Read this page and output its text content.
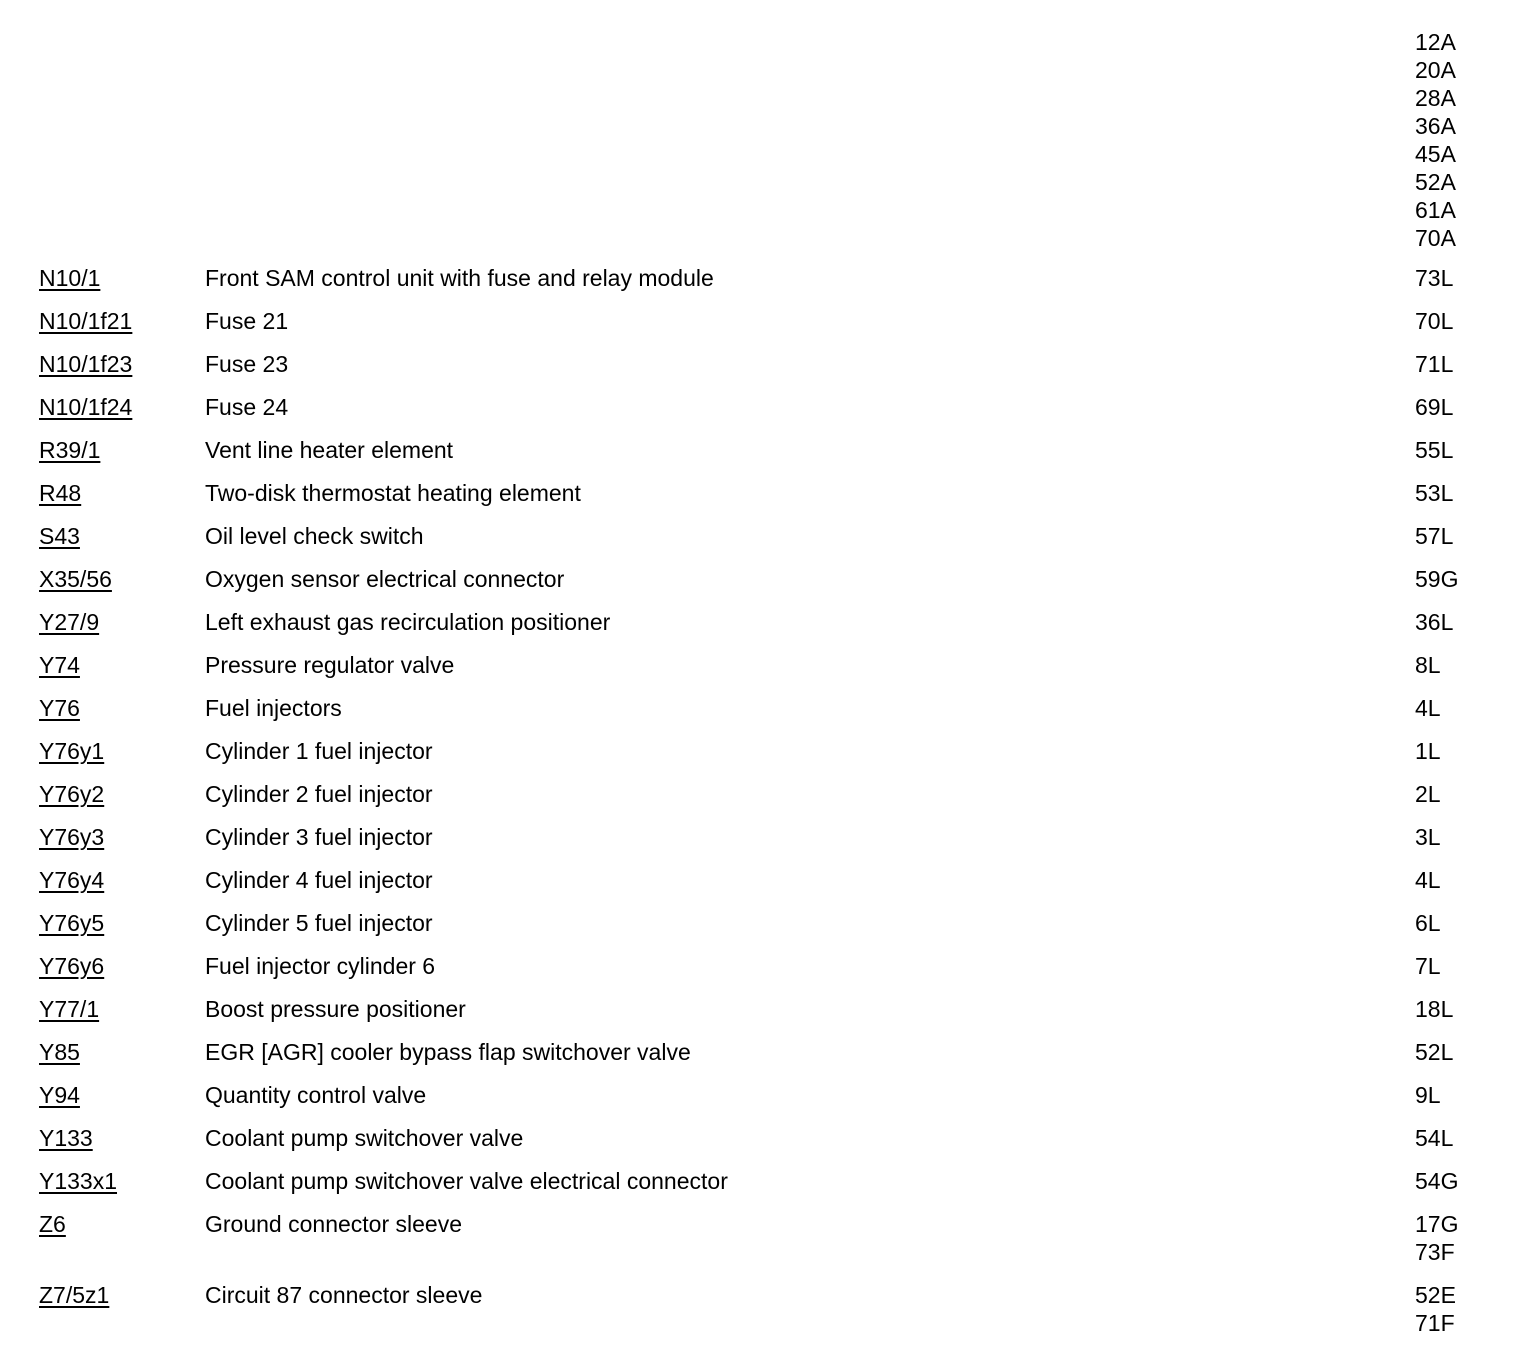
12A
20A
28A
36A
45A
52A
61A
70A
N10/1	Front SAM control unit with fuse and relay module	73L
N10/1f21	Fuse 21	70L
N10/1f23	Fuse 23	71L
N10/1f24	Fuse 24	69L
R39/1	Vent line heater element	55L
R48	Two-disk thermostat heating element	53L
S43	Oil level check switch	57L
X35/56	Oxygen sensor electrical connector	59G
Y27/9	Left exhaust gas recirculation positioner	36L
Y74	Pressure regulator valve	8L
Y76	Fuel injectors	4L
Y76y1	Cylinder 1 fuel injector	1L
Y76y2	Cylinder 2 fuel injector	2L
Y76y3	Cylinder 3 fuel injector	3L
Y76y4	Cylinder 4 fuel injector	4L
Y76y5	Cylinder 5 fuel injector	6L
Y76y6	Fuel injector cylinder 6	7L
Y77/1	Boost pressure positioner	18L
Y85	EGR [AGR] cooler bypass flap switchover valve	52L
Y94	Quantity control valve	9L
Y133	Coolant pump switchover valve	54L
Y133x1	Coolant pump switchover valve electrical connector	54G
Z6	Ground connector sleeve	17G
73F
Z7/5z1	Circuit 87 connector sleeve	52E
71F
